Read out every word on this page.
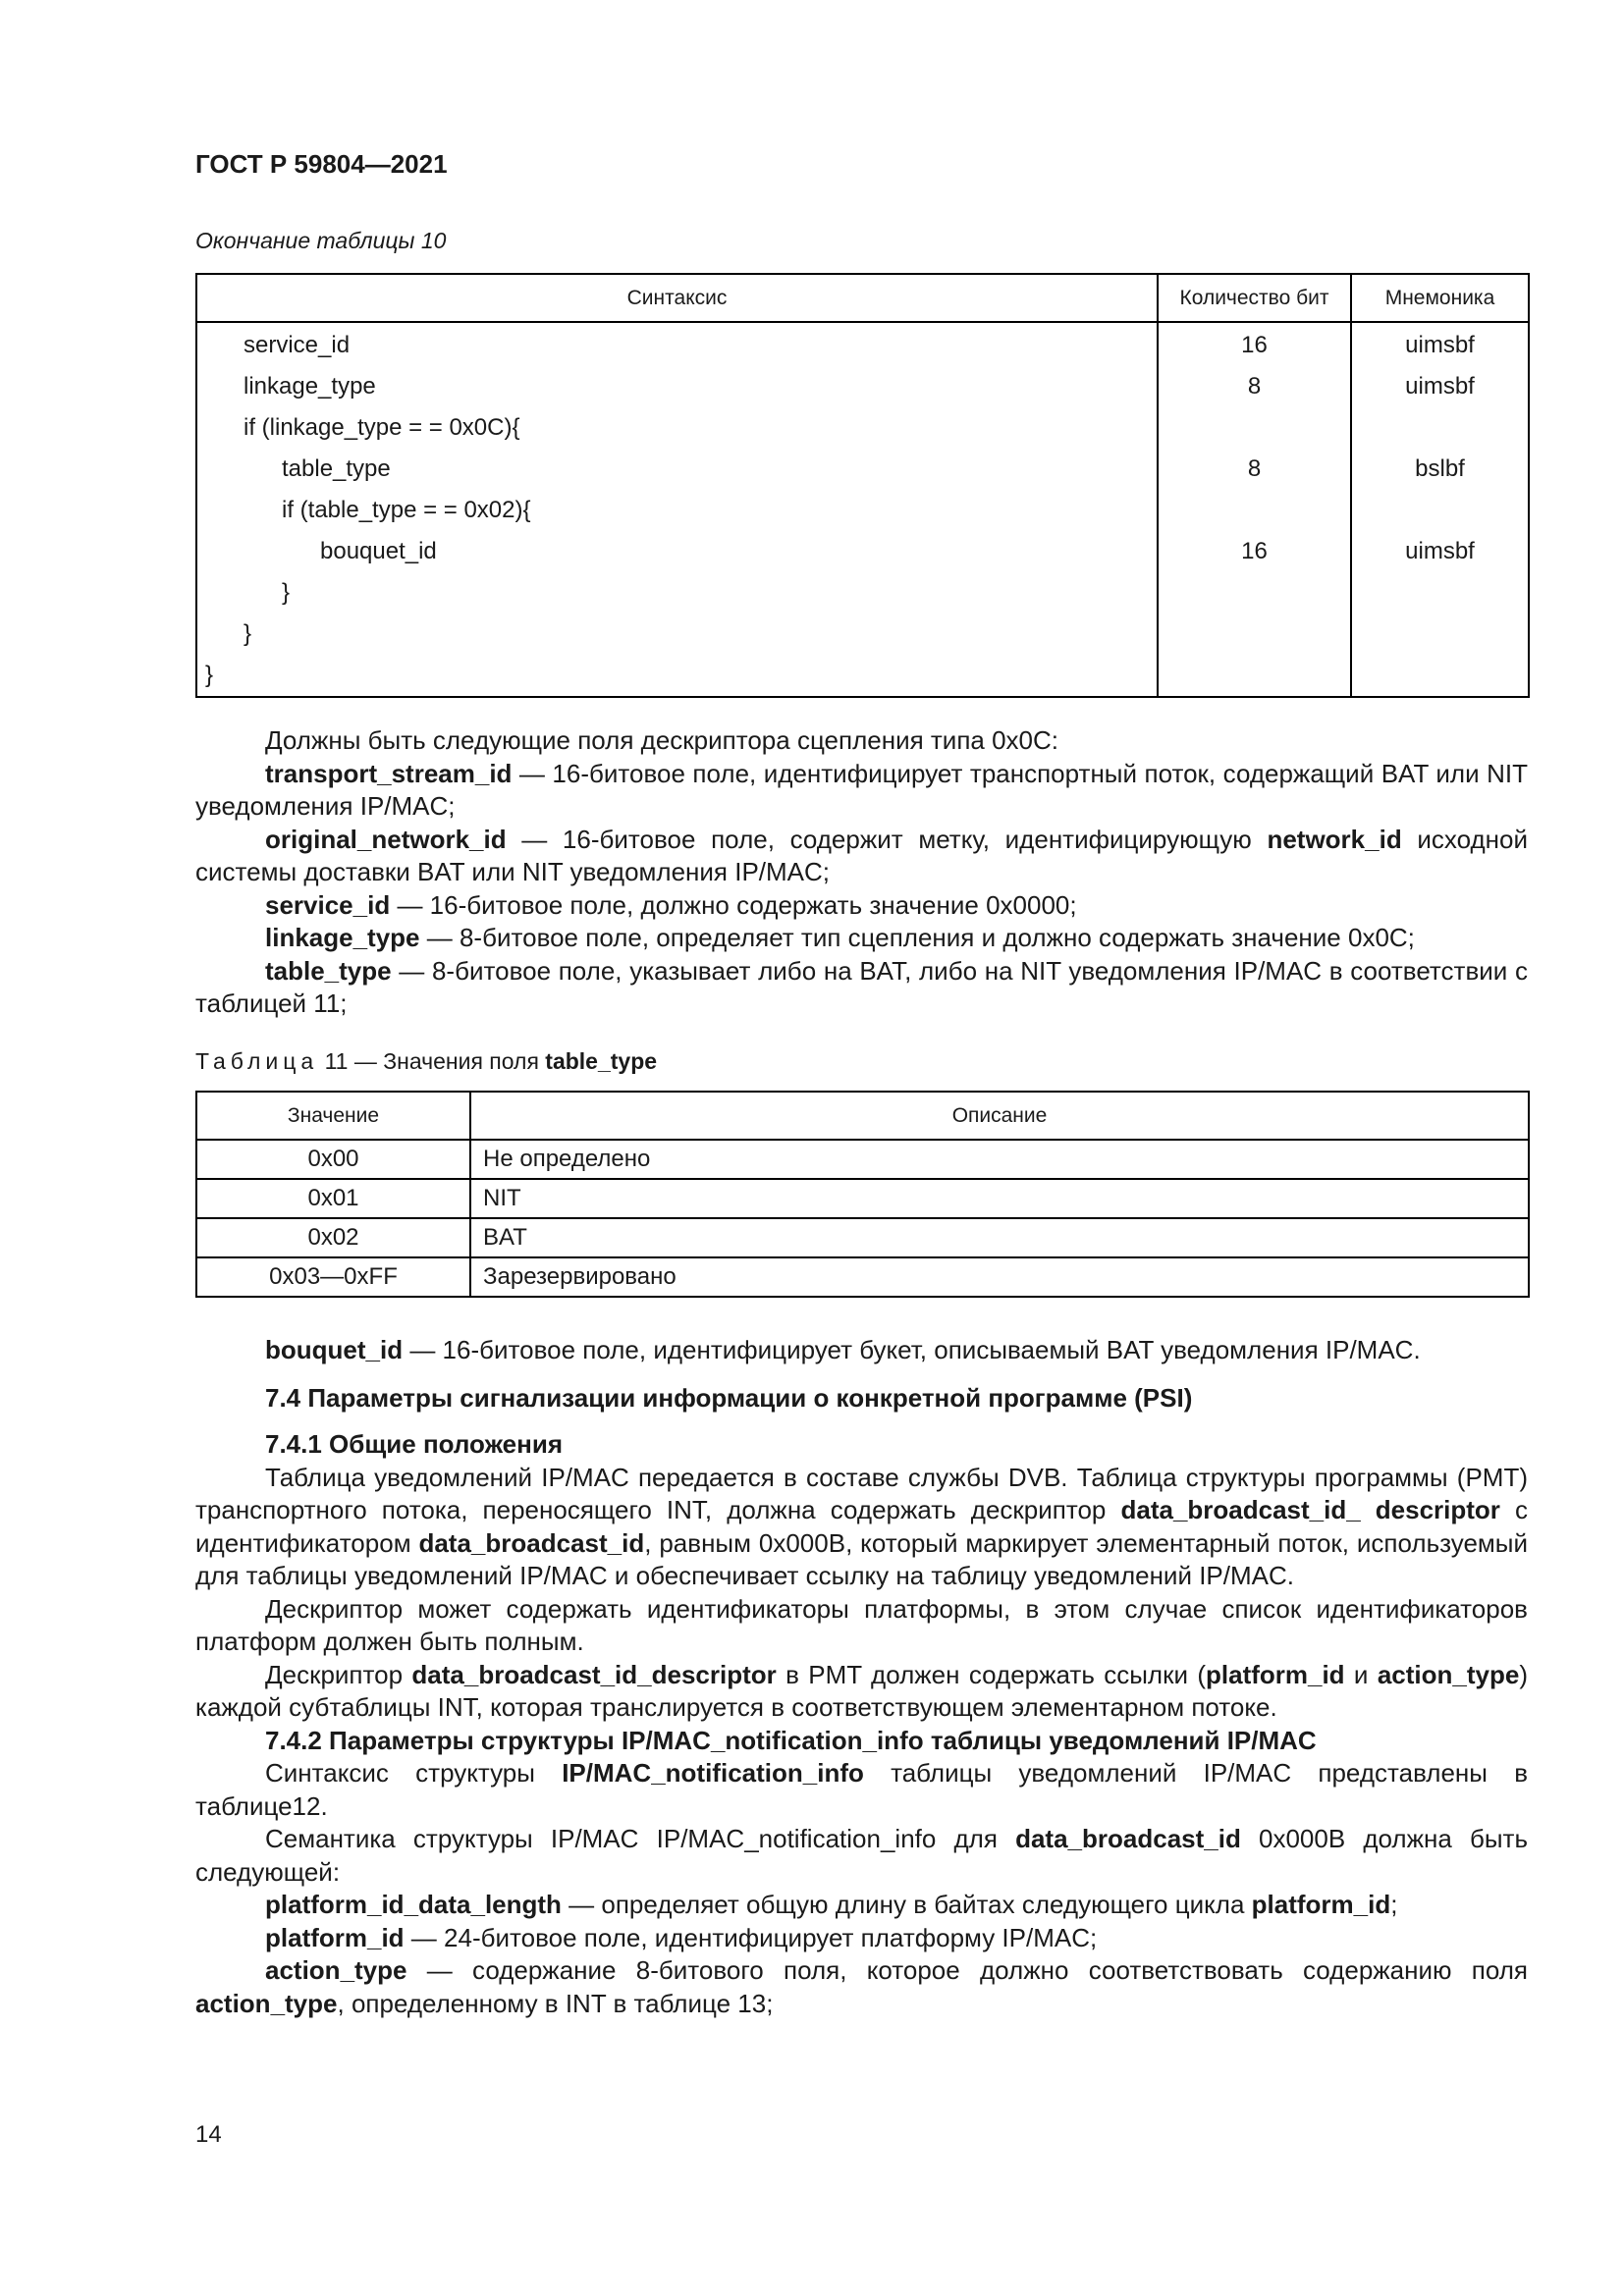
ГОСТ Р 59804—2021
Окончание таблицы 10
Синтаксис	Количество бит	Мнемоника
service_id	16	uimsbf
linkage_type	8	uimsbf
if (linkage_type = = 0x0C){		
table_type	8	bslbf
if (table_type = = 0x02){		
bouquet_id	16	uimsbf
}		
}		
}		

Должны быть следующие поля дескриптора сцепления типа 0x0C:

transport_stream_id — 16-битовое поле, идентифицирует транспортный поток, содержащий BAT или NIT уведомления IP/MAC;

original_network_id — 16-битовое поле, содержит метку, идентифицирующую network_id исходной системы доставки BAT или NIT уведомления IP/MAC;

service_id — 16-битовое поле, должно содержать значение 0x0000;

linkage_type — 8-битовое поле, определяет тип сцепления и должно содержать значение 0x0C;

table_type — 8-битовое поле, указывает либо на BAT, либо на NIT уведомления IP/MAC в соответствии с таблицей 11;

Таблица 11 — Значения поля table_type
Значение	Описание
0x00	Не определено
0x01	NIT
0x02	BAT
0x03—0xFF	Зарезервировано

bouquet_id — 16-битовое поле, идентифицирует букет, описываемый BAT уведомления IP/MAC.

7.4 Параметры сигнализации информации о конкретной программе (PSI)

7.4.1 Общие положения

Таблица уведомлений IP/MAC передается в составе службы DVB. Таблица структуры программы (PMT) транспортного потока, переносящего INT, должна содержать дескриптор data_broadcast_id_ descriptor с идентификатором data_broadcast_id, равным 0x000B, который маркирует элементарный поток, используемый для таблицы уведомлений IP/MAC и обеспечивает ссылку на таблицу уведомлений IP/MAC.

Дескриптор может содержать идентификаторы платформы, в этом случае список идентификаторов платформ должен быть полным.

Дескриптор data_broadcast_id_descriptor в PMT должен содержать ссылки (platform_id и action_type) каждой субтаблицы INT, которая транслируется в соответствующем элементарном потоке.

7.4.2 Параметры структуры IP/MAC_notification_info таблицы уведомлений IP/MAC

Синтаксис структуры IP/MAC_notification_info таблицы уведомлений IP/MAC представлены в таблице12.

Семантика структуры IP/MAC IP/MAC_notification_info для data_broadcast_id 0x000B должна быть следующей:

platform_id_data_length — определяет общую длину в байтах следующего цикла platform_id;

platform_id — 24-битовое поле, идентифицирует платформу IP/MAC;

action_type — содержание 8-битового поля, которое должно соответствовать содержанию поля action_type, определенному в INT в таблице 13;

14
